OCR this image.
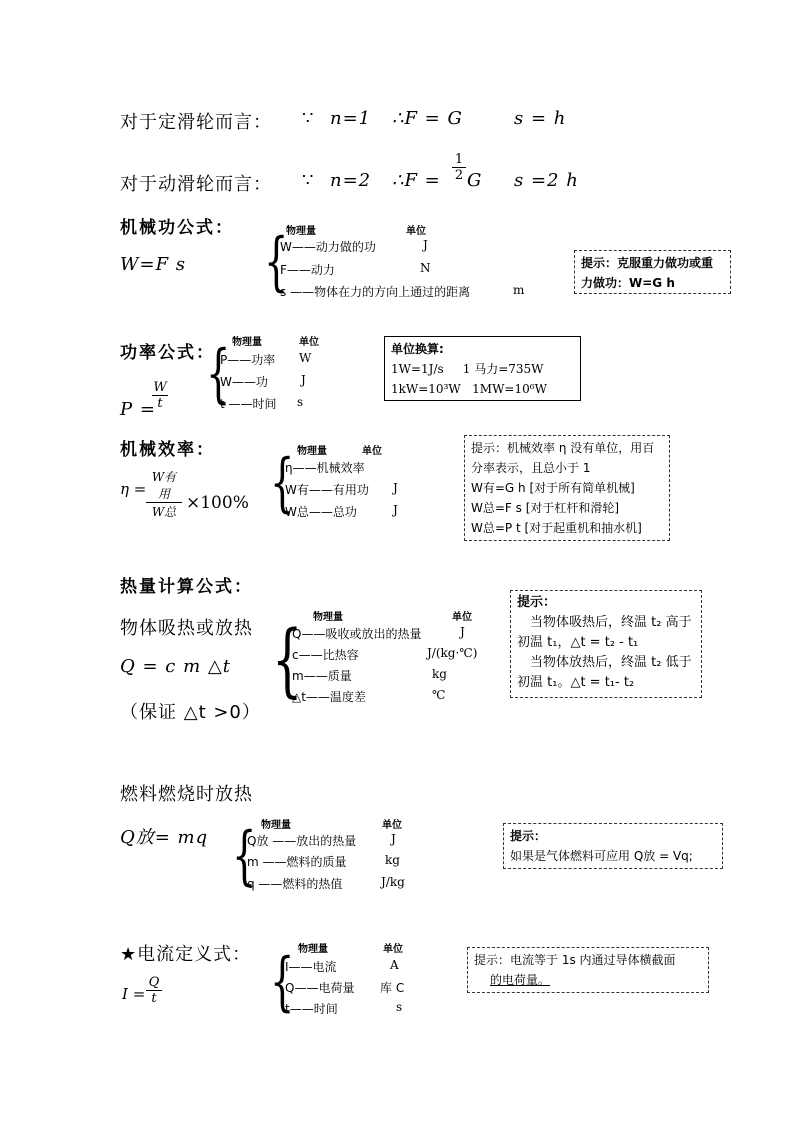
对于定滑轮而言： ∵ n=1 ∴F = G	s = h
对于动滑轮而言： ∵ n=2 ∴F = $\frac{1}{2}$ G s =2 h
机械功公式：
W=F s
物理量	单位
{
W——动力做的功	J
F——动力	N
s ——物体在力的方向上通过的距离	m
提示：克服重力做功或重
力做功：W=G h
功率公式：
P =
$\frac{W}{t}$
物理量	单位
{
P——功率 W
W——功	J
t ——时间 s
单位换算:
1W=1J/s 1 马力=735W
1kW=10³W 1MW=10⁶W
机械效率：
η =
W有用
W总 ×100%
物理量	单位
{
η——机械效率
W有——有用功 J
W总——总功	J
提示：机械效率 η 没有单位，用百
分率表示，且总小于 1
W有=G h [对于所有简单机械]
W总=F s [对于杠杆和滑轮]
W总=P t [对于起重机和抽水机]
热量计算公式：
物体吸热或放热
Q = c m △t
（保证 △t >0）
物理量	单位
{
Q——吸收或放出的热量	J
c——比热容	J/(kg·℃)
m——质量	kg
△t——温度差	℃
提示：
　当物体吸热后，终温 t₂ 高于
初温 t₁，△t = t₂ - t₁
　当物体放热后，终温 t₂ 低于
初温 t₁。△t = t₁- t₂
燃料燃烧时放热
Q放= mq
物理量	单位
{
Q放 ——放出的热量	J
m ——燃料的质量	kg
q ——燃料的热值	J/kg
提示：
如果是气体燃料可应用 Q放 = Vq;
★电流定义式：
$I = \frac{Q}{t}$
物理量	单位
{
I——电流	A
Q——电荷量 库 C
t——时间	s
提示：电流等于 1s 内通过导体横截面
的电荷量。
